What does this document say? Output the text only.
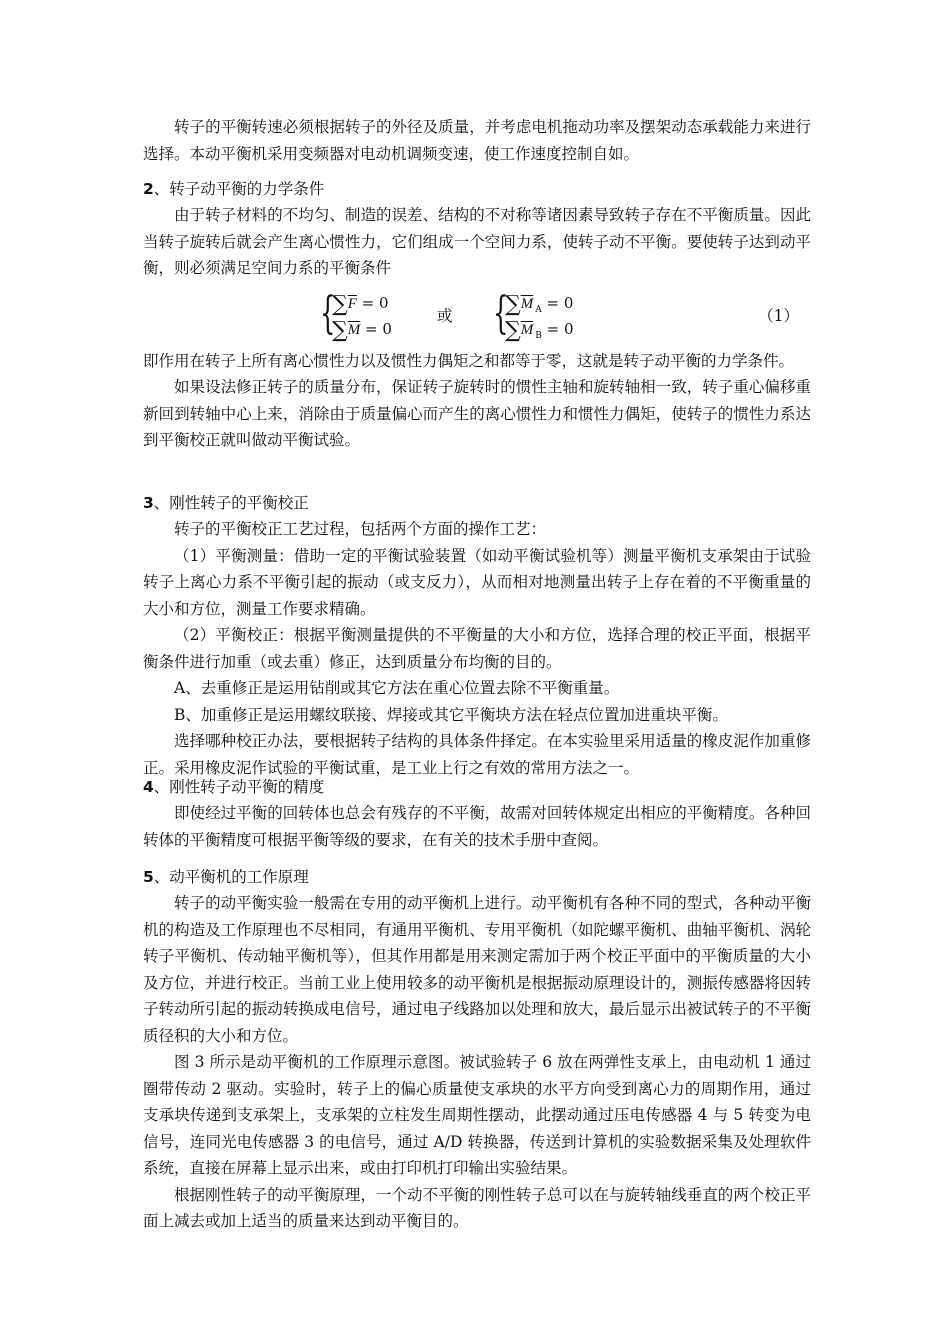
转子的平衡转速必须根据转子的外径及质量，并考虑电机拖动功率及摆架动态承载能力来进行选择。本动平衡机采用变频器对电动机调频变速，使工作速度控制自如。

2、转子动平衡的力学条件

由于转子材料的不均匀、制造的误差、结构的不对称等诸因素导致转子存在不平衡质量。因此当转子旋转后就会产生离心惯性力，它们组成一个空间力系，使转子动不平衡。要使转子达到动平衡，则必须满足空间力系的平衡条件

{
$\sum\overline{F} = 0$
$\sum\overline{M} = 0$
或 {
$\sum\overline{M}$ $_A$ = 0
$\sum\overline{M}$ $_B$ = 0
（1）

即作用在转子上所有离心惯性力以及惯性力偶矩之和都等于零，这就是转子动平衡的力学条件。

如果设法修正转子的质量分布，保证转子旋转时的惯性主轴和旋转轴相一致，转子重心偏移重新回到转轴中心上来，消除由于质量偏心而产生的离心惯性力和惯性力偶矩，使转子的惯性力系达到平衡校正就叫做动平衡试验。

3、刚性转子的平衡校正

转子的平衡校正工艺过程，包括两个方面的操作工艺：

（1）平衡测量：借助一定的平衡试验装置（如动平衡试验机等）测量平衡机支承架由于试验转子上离心力系不平衡引起的振动（或支反力），从而相对地测量出转子上存在着的不平衡重量的大小和方位，测量工作要求精确。

（2）平衡校正：根据平衡测量提供的不平衡量的大小和方位，选择合理的校正平面，根据平衡条件进行加重（或去重）修正，达到质量分布均衡的目的。

A、去重修正是运用钻削或其它方法在重心位置去除不平衡重量。

B、加重修正是运用螺纹联接、焊接或其它平衡块方法在轻点位置加进重块平衡。

选择哪种校正办法，要根据转子结构的具体条件择定。在本实验里采用适量的橡皮泥作加重修正。采用橡皮泥作试验的平衡试重，是工业上行之有效的常用方法之一。

4、刚性转子动平衡的精度

即使经过平衡的回转体也总会有残存的不平衡，故需对回转体规定出相应的平衡精度。各种回转体的平衡精度可根据平衡等级的要求，在有关的技术手册中查阅。

5、动平衡机的工作原理

转子的动平衡实验一般需在专用的动平衡机上进行。动平衡机有各种不同的型式，各种动平衡机的构造及工作原理也不尽相同，有通用平衡机、专用平衡机（如陀螺平衡机、曲轴平衡机、涡轮转子平衡机、传动轴平衡机等），但其作用都是用来测定需加于两个校正平面中的平衡质量的大小及方位，并进行校正。当前工业上使用较多的动平衡机是根据振动原理设计的，测振传感器将因转子转动所引起的振动转换成电信号，通过电子线路加以处理和放大，最后显示出被试转子的不平衡质径积的大小和方位。

图 3 所示是动平衡机的工作原理示意图。被试验转子 6 放在两弹性支承上，由电动机 1 通过圈带传动 2 驱动。实验时，转子上的偏心质量使支承块的水平方向受到离心力的周期作用，通过支承块传递到支承架上，支承架的立柱发生周期性摆动，此摆动通过压电传感器 4 与 5 转变为电信号，连同光电传感器 3 的电信号，通过 A/D 转换器，传送到计算机的实验数据采集及处理软件系统，直接在屏幕上显示出来，或由打印机打印输出实验结果。

根据刚性转子的动平衡原理，一个动不平衡的刚性转子总可以在与旋转轴线垂直的两个校正平面上减去或加上适当的质量来达到动平衡目的。
